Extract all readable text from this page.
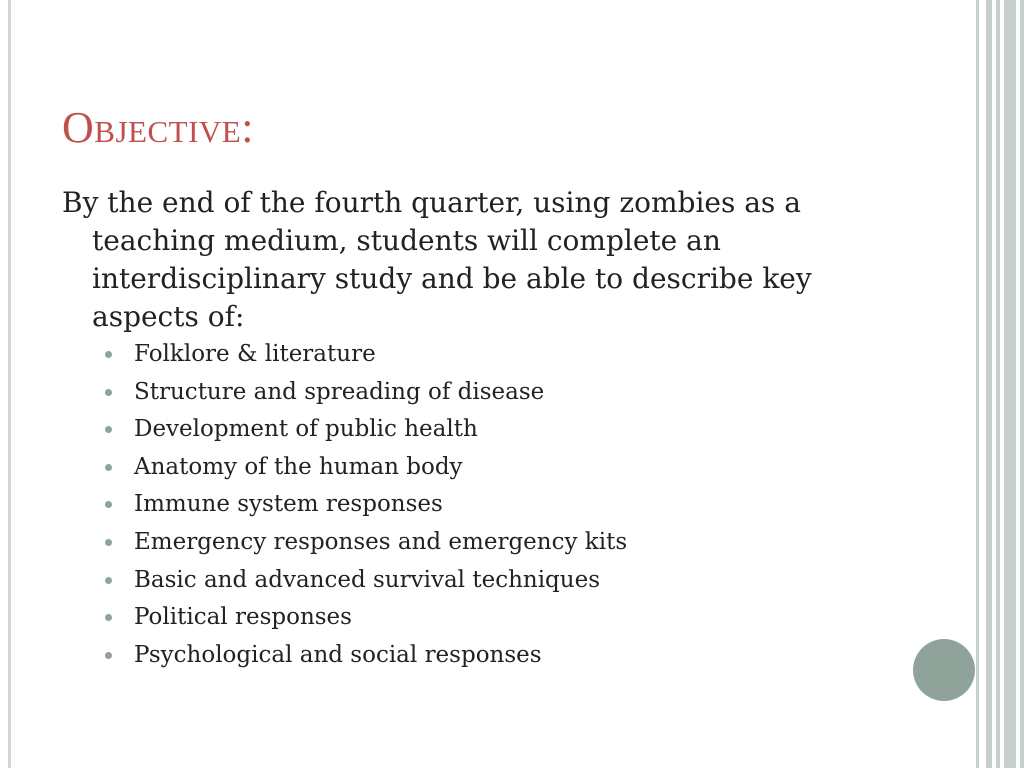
Objective:

By the end of the fourth quarter, using zombies as a teaching medium, students will complete an interdisciplinary study and be able to describe key aspects of:

Folklore & literature
Structure and spreading of disease
Development of public health
Anatomy of the human body
Immune system responses
Emergency responses and emergency kits
Basic and advanced survival techniques
Political responses
Psychological and social responses
